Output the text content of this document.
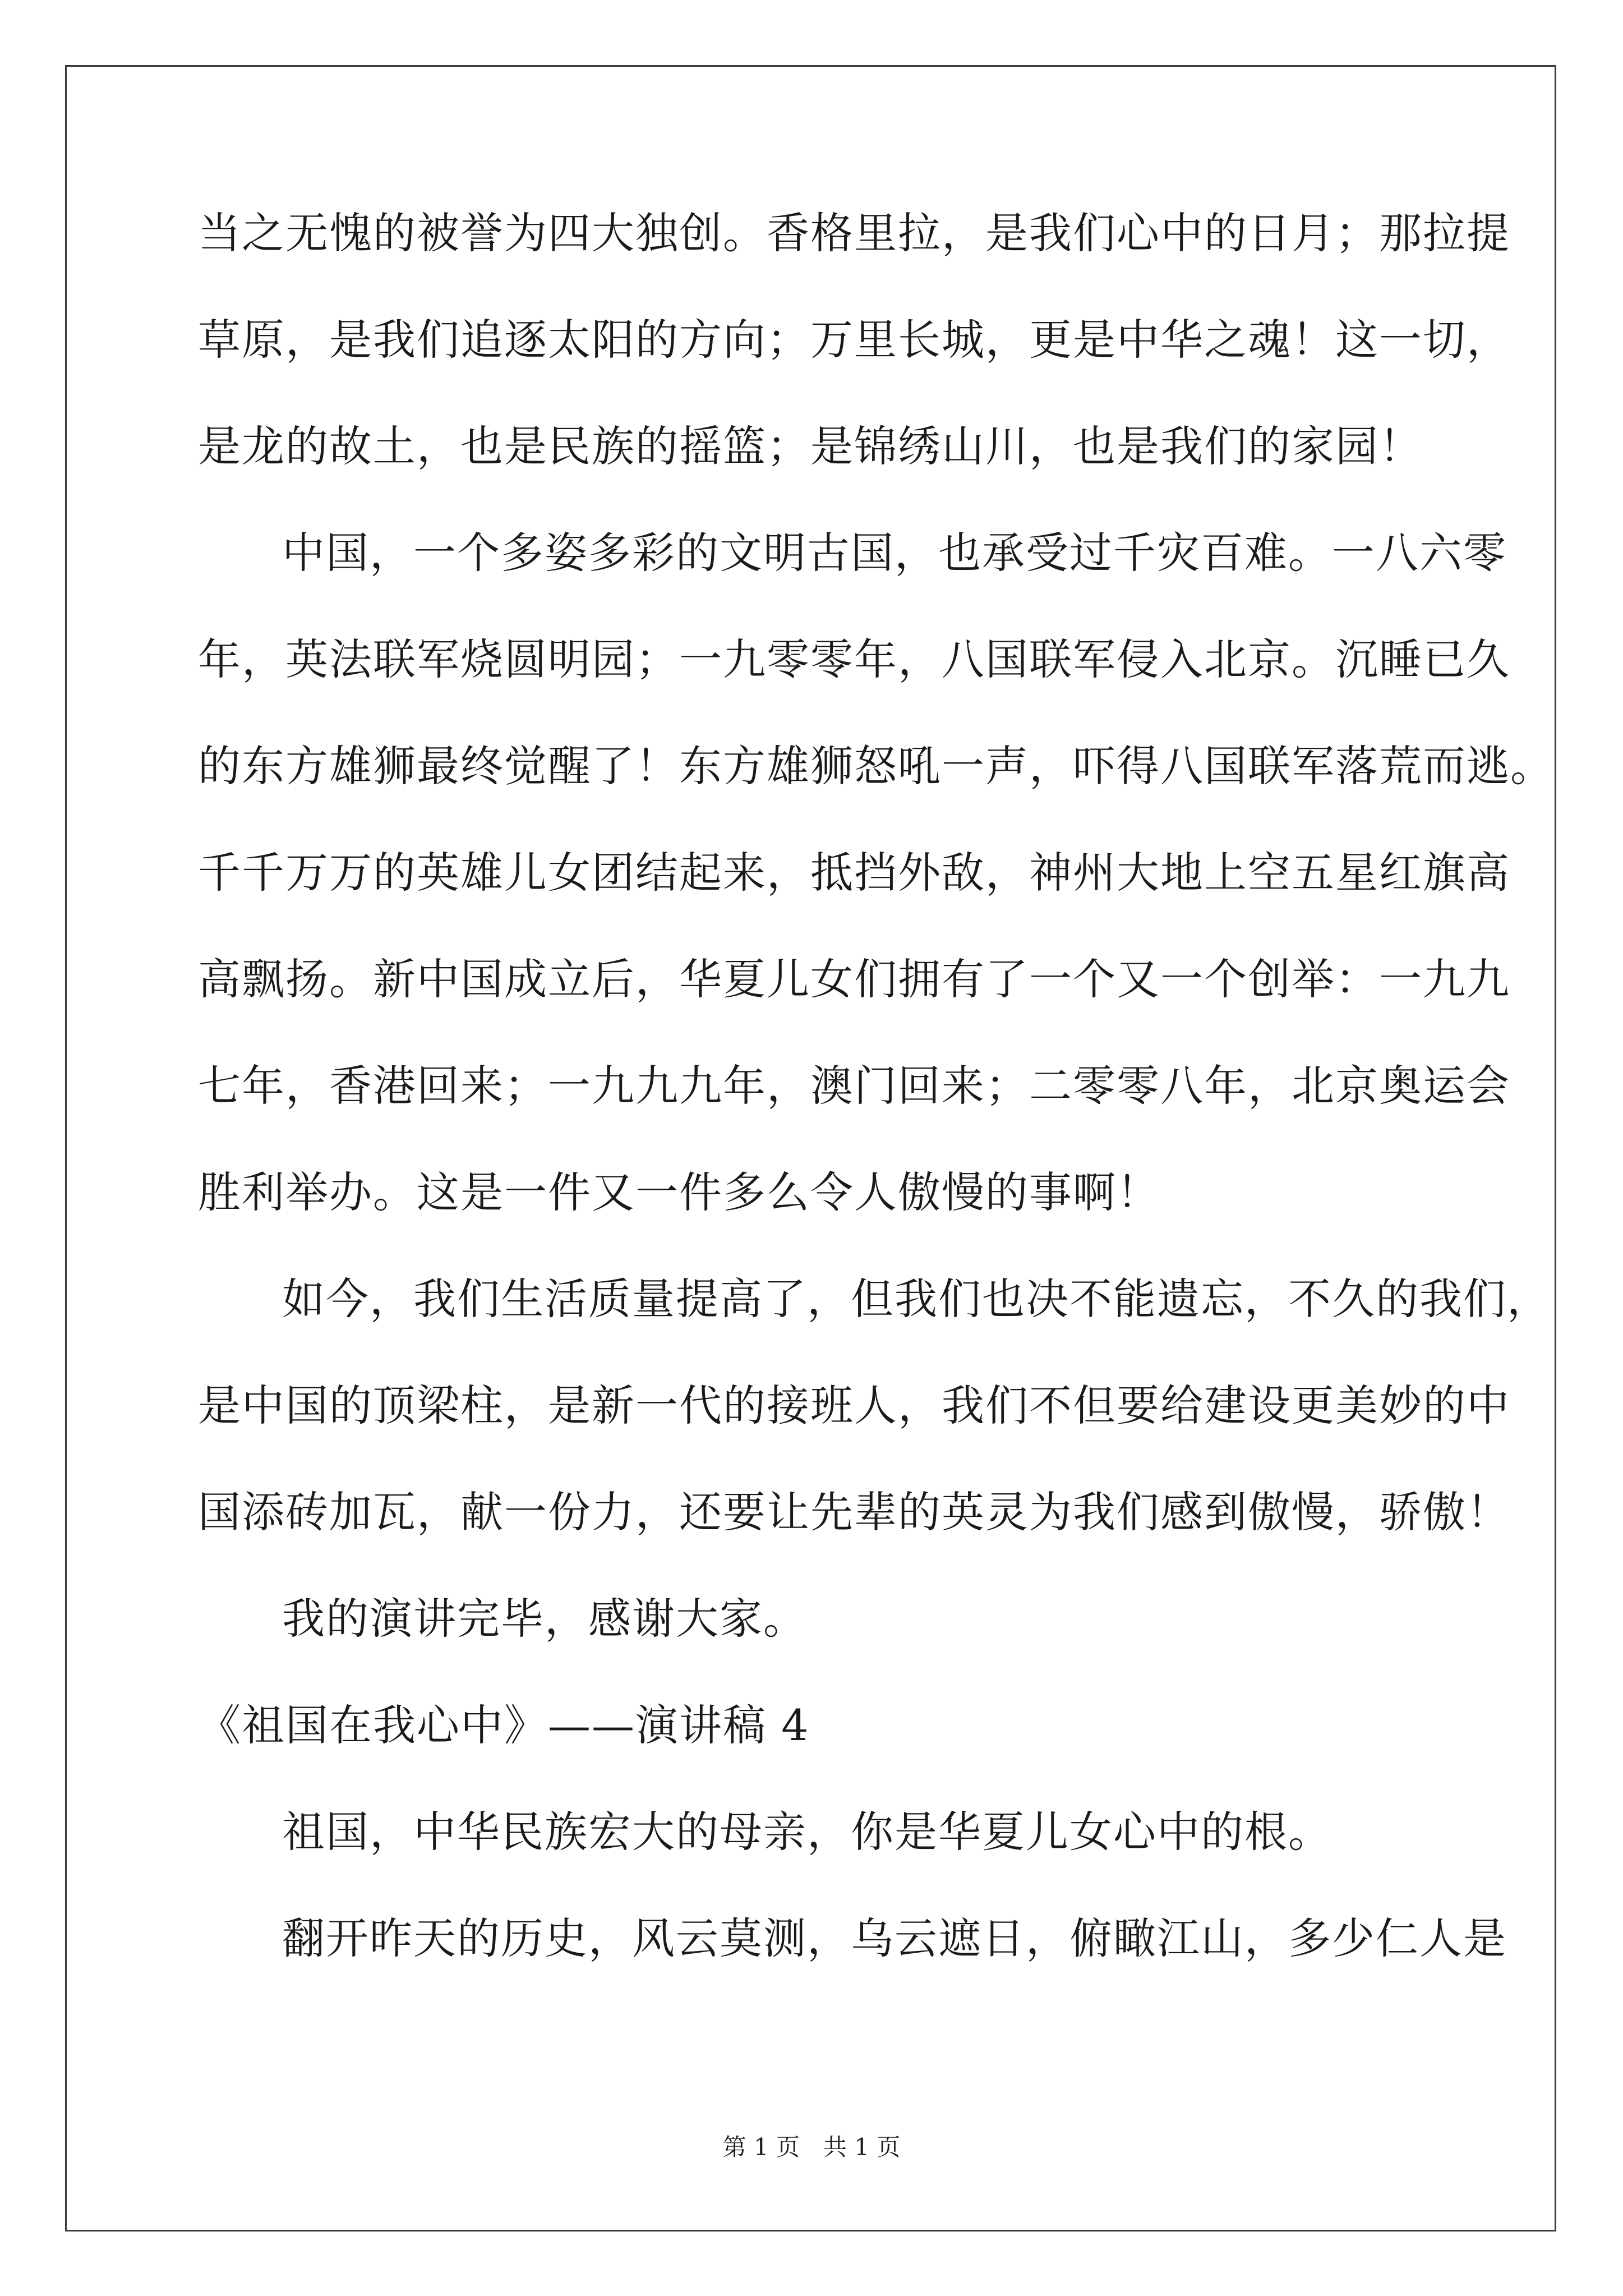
当之无愧的被誉为四大独创。香格里拉，是我们心中的日月；那拉提
草原，是我们追逐太阳的方向；万里长城，更是中华之魂！这一切，
是龙的故土，也是民族的摇篮；是锦绣山川，也是我们的家园！
中国，一个多姿多彩的文明古国，也承受过千灾百难。一八六零
年，英法联军烧圆明园；一九零零年，八国联军侵入北京。沉睡已久
的东方雄狮最终觉醒了！东方雄狮怒吼一声，吓得八国联军落荒而逃。
千千万万的英雄儿女团结起来，抵挡外敌，神州大地上空五星红旗高
高飘扬。新中国成立后，华夏儿女们拥有了一个又一个创举：一九九
七年，香港回来；一九九九年，澳门回来；二零零八年，北京奥运会
胜利举办。这是一件又一件多么令人傲慢的事啊！
如今，我们生活质量提高了，但我们也决不能遗忘，不久的我们，
是中国的顶梁柱，是新一代的接班人，我们不但要给建设更美妙的中
国添砖加瓦，献一份力，还要让先辈的英灵为我们感到傲慢，骄傲！
我的演讲完毕，感谢大家。
《祖国在我心中》——演讲稿 4
祖国，中华民族宏大的母亲，你是华夏儿女心中的根。
翻开昨天的历史，风云莫测，乌云遮日，俯瞰江山，多少仁人是
第 1 页　共 1 页
